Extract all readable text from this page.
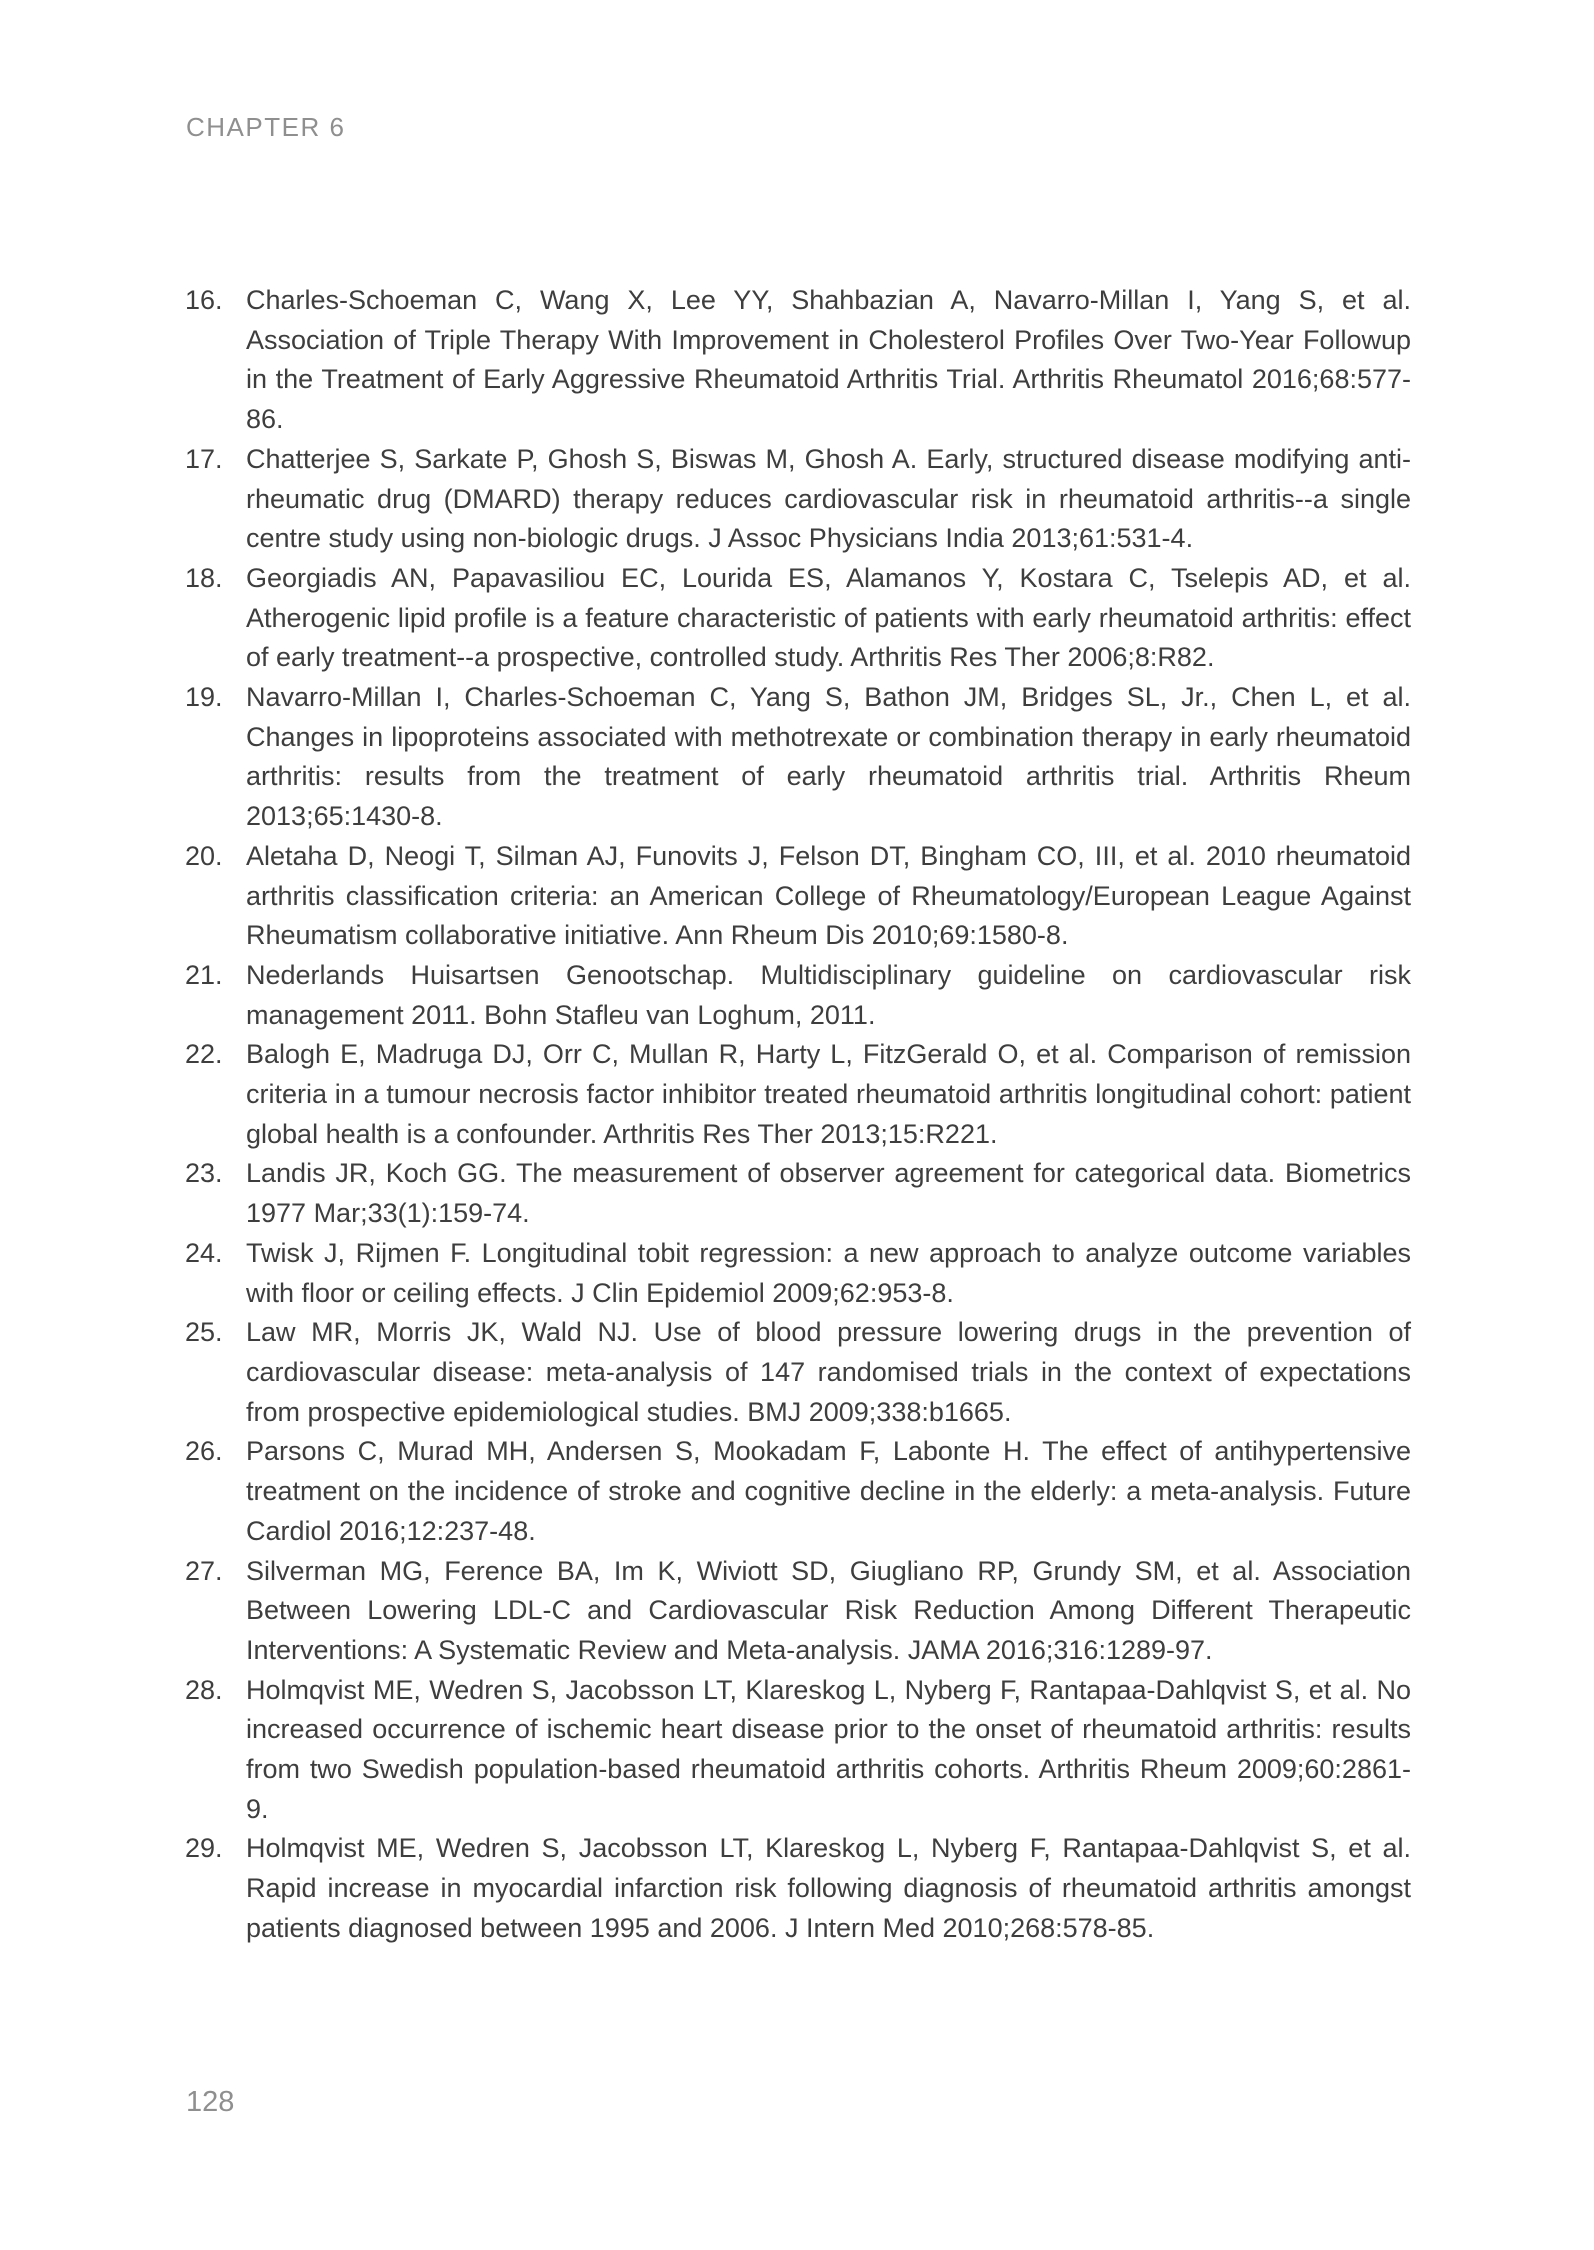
CHAPTER 6
16. Charles-Schoeman C, Wang X, Lee YY, Shahbazian A, Navarro-Millan I, Yang S, et al. Association of Triple Therapy With Improvement in Cholesterol Profiles Over Two-Year Followup in the Treatment of Early Aggressive Rheumatoid Arthritis Trial. Arthritis Rheumatol 2016;68:577-86.
17. Chatterjee S, Sarkate P, Ghosh S, Biswas M, Ghosh A. Early, structured disease modifying anti-rheumatic drug (DMARD) therapy reduces cardiovascular risk in rheumatoid arthritis--a single centre study using non-biologic drugs. J Assoc Physicians India 2013;61:531-4.
18. Georgiadis AN, Papavasiliou EC, Lourida ES, Alamanos Y, Kostara C, Tselepis AD, et al. Atherogenic lipid profile is a feature characteristic of patients with early rheumatoid arthritis: effect of early treatment--a prospective, controlled study. Arthritis Res Ther 2006;8:R82.
19. Navarro-Millan I, Charles-Schoeman C, Yang S, Bathon JM, Bridges SL, Jr., Chen L, et al. Changes in lipoproteins associated with methotrexate or combination therapy in early rheumatoid arthritis: results from the treatment of early rheumatoid arthritis trial. Arthritis Rheum 2013;65:1430-8.
20. Aletaha D, Neogi T, Silman AJ, Funovits J, Felson DT, Bingham CO, III, et al. 2010 rheumatoid arthritis classification criteria: an American College of Rheumatology/European League Against Rheumatism collaborative initiative. Ann Rheum Dis 2010;69:1580-8.
21. Nederlands Huisartsen Genootschap. Multidisciplinary guideline on cardiovascular risk management 2011. Bohn Stafleu van Loghum, 2011.
22. Balogh E, Madruga DJ, Orr C, Mullan R, Harty L, FitzGerald O, et al. Comparison of remission criteria in a tumour necrosis factor inhibitor treated rheumatoid arthritis longitudinal cohort: patient global health is a confounder. Arthritis Res Ther 2013;15:R221.
23. Landis JR, Koch GG. The measurement of observer agreement for categorical data. Biometrics 1977 Mar;33(1):159-74.
24. Twisk J, Rijmen F. Longitudinal tobit regression: a new approach to analyze outcome variables with floor or ceiling effects. J Clin Epidemiol 2009;62:953-8.
25. Law MR, Morris JK, Wald NJ. Use of blood pressure lowering drugs in the prevention of cardiovascular disease: meta-analysis of 147 randomised trials in the context of expectations from prospective epidemiological studies. BMJ 2009;338:b1665.
26. Parsons C, Murad MH, Andersen S, Mookadam F, Labonte H. The effect of antihypertensive treatment on the incidence of stroke and cognitive decline in the elderly: a meta-analysis. Future Cardiol 2016;12:237-48.
27. Silverman MG, Ference BA, Im K, Wiviott SD, Giugliano RP, Grundy SM, et al. Association Between Lowering LDL-C and Cardiovascular Risk Reduction Among Different Therapeutic Interventions: A Systematic Review and Meta-analysis. JAMA 2016;316:1289-97.
28. Holmqvist ME, Wedren S, Jacobsson LT, Klareskog L, Nyberg F, Rantapaa-Dahlqvist S, et al. No increased occurrence of ischemic heart disease prior to the onset of rheumatoid arthritis: results from two Swedish population-based rheumatoid arthritis cohorts. Arthritis Rheum 2009;60:2861-9.
29. Holmqvist ME, Wedren S, Jacobsson LT, Klareskog L, Nyberg F, Rantapaa-Dahlqvist S, et al. Rapid increase in myocardial infarction risk following diagnosis of rheumatoid arthritis amongst patients diagnosed between 1995 and 2006. J Intern Med 2010;268:578-85.
128
